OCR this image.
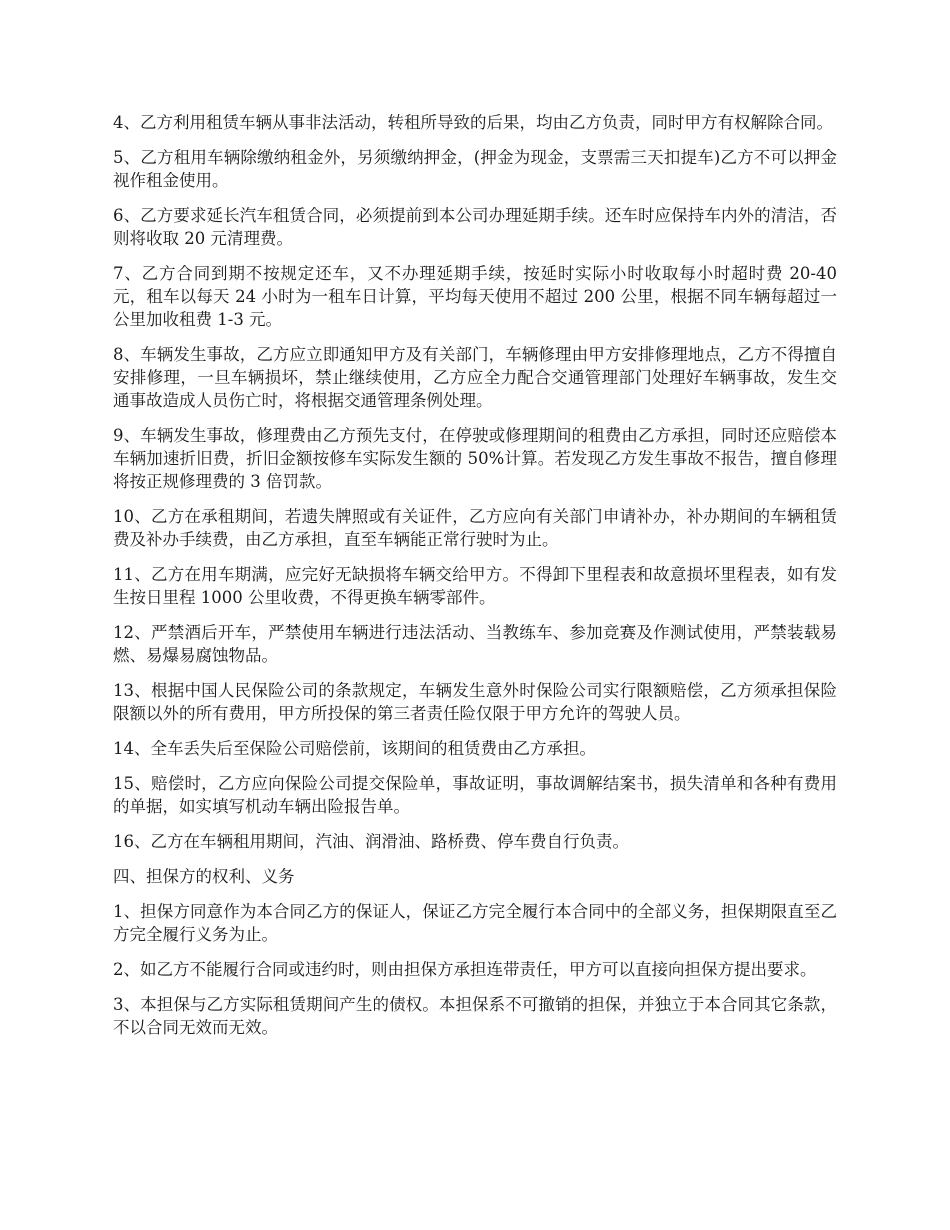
4、乙方利用租赁车辆从事非法活动，转租所导致的后果，均由乙方负责，同时甲方有权解除合同。

5、乙方租用车辆除缴纳租金外，另须缴纳押金，(押金为现金，支票需三天扣提车)乙方不可以押金视作租金使用。

6、乙方要求延长汽车租赁合同，必须提前到本公司办理延期手续。还车时应保持车内外的清洁，否则将收取 20 元清理费。

7、乙方合同到期不按规定还车，又不办理延期手续，按延时实际小时收取每小时超时费 20-40 元，租车以每天 24 小时为一租车日计算，平均每天使用不超过 200 公里，根据不同车辆每超过一公里加收租费 1-3 元。

8、车辆发生事故，乙方应立即通知甲方及有关部门，车辆修理由甲方安排修理地点，乙方不得擅自安排修理，一旦车辆损坏，禁止继续使用，乙方应全力配合交通管理部门处理好车辆事故，发生交通事故造成人员伤亡时，将根据交通管理条例处理。

9、车辆发生事故，修理费由乙方预先支付，在停驶或修理期间的租费由乙方承担，同时还应赔偿本车辆加速折旧费，折旧金额按修车实际发生额的 50%计算。若发现乙方发生事故不报告，擅自修理将按正规修理费的 3 倍罚款。

10、乙方在承租期间，若遗失牌照或有关证件，乙方应向有关部门申请补办，补办期间的车辆租赁费及补办手续费，由乙方承担，直至车辆能正常行驶时为止。

11、乙方在用车期满，应完好无缺损将车辆交给甲方。不得卸下里程表和故意损坏里程表，如有发生按日里程 1000 公里收费，不得更换车辆零部件。

12、严禁酒后开车，严禁使用车辆进行违法活动、当教练车、参加竞赛及作测试使用，严禁装载易燃、易爆易腐蚀物品。

13、根据中国人民保险公司的条款规定，车辆发生意外时保险公司实行限额赔偿，乙方须承担保险限额以外的所有费用，甲方所投保的第三者责任险仅限于甲方允许的驾驶人员。

14、全车丢失后至保险公司赔偿前，该期间的租赁费由乙方承担。

15、赔偿时，乙方应向保险公司提交保险单，事故证明，事故调解结案书，损失清单和各种有费用的单据，如实填写机动车辆出险报告单。

16、乙方在车辆租用期间，汽油、润滑油、路桥费、停车费自行负责。

四、担保方的权利、义务

1、担保方同意作为本合同乙方的保证人，保证乙方完全履行本合同中的全部义务，担保期限直至乙方完全履行义务为止。

2、如乙方不能履行合同或违约时，则由担保方承担连带责任，甲方可以直接向担保方提出要求。

3、本担保与乙方实际租赁期间产生的债权。本担保系不可撤销的担保，并独立于本合同其它条款，不以合同无效而无效。
